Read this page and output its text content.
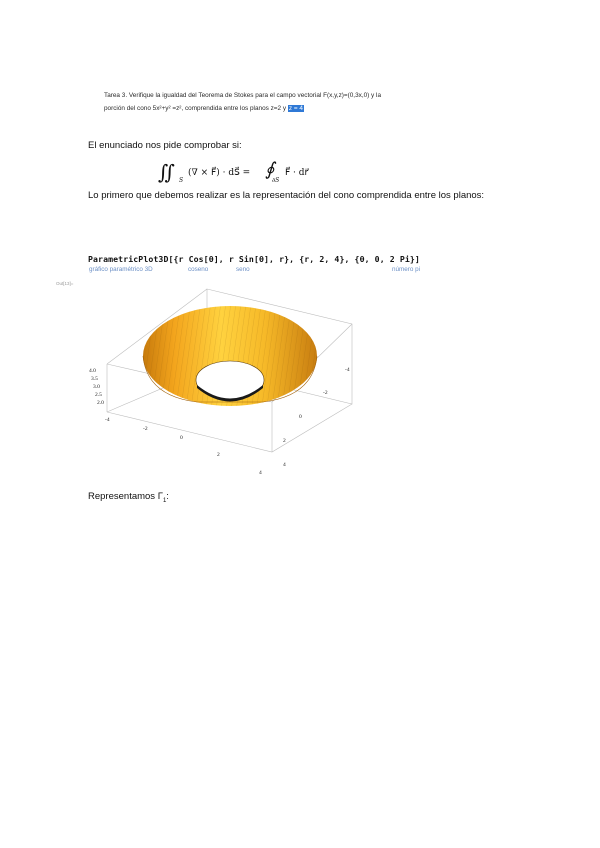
Tarea 3. Verifique la igualdad del Teorema de Stokes para el campo vectorial F(x,y,z)=(0,3x,0) y la
porción del cono 5x²+y² =z², comprendida entre los planos z=2 y z = 4
El enunciado nos pide comprobar si:
∬ S
(∇ × F⃗) · dS⃗ = ∮
∂S
F⃗ · dr⃗
Lo primero que debemos realizar es la representación del cono comprendida entre los planos:
ParametricPlot3D[{r Cos[θ], r Sin[θ], r}, {r, 2, 4}, {θ, 0, 2 Pi}]
gráfico paramétrico 3D	coseno	seno	número pi
Out[13]=
4.0
3.5
3.0
2.5
2.0
-4
-2
0
2
4
-4
-2
0
2
4
Representamos $\Gamma_1$:
